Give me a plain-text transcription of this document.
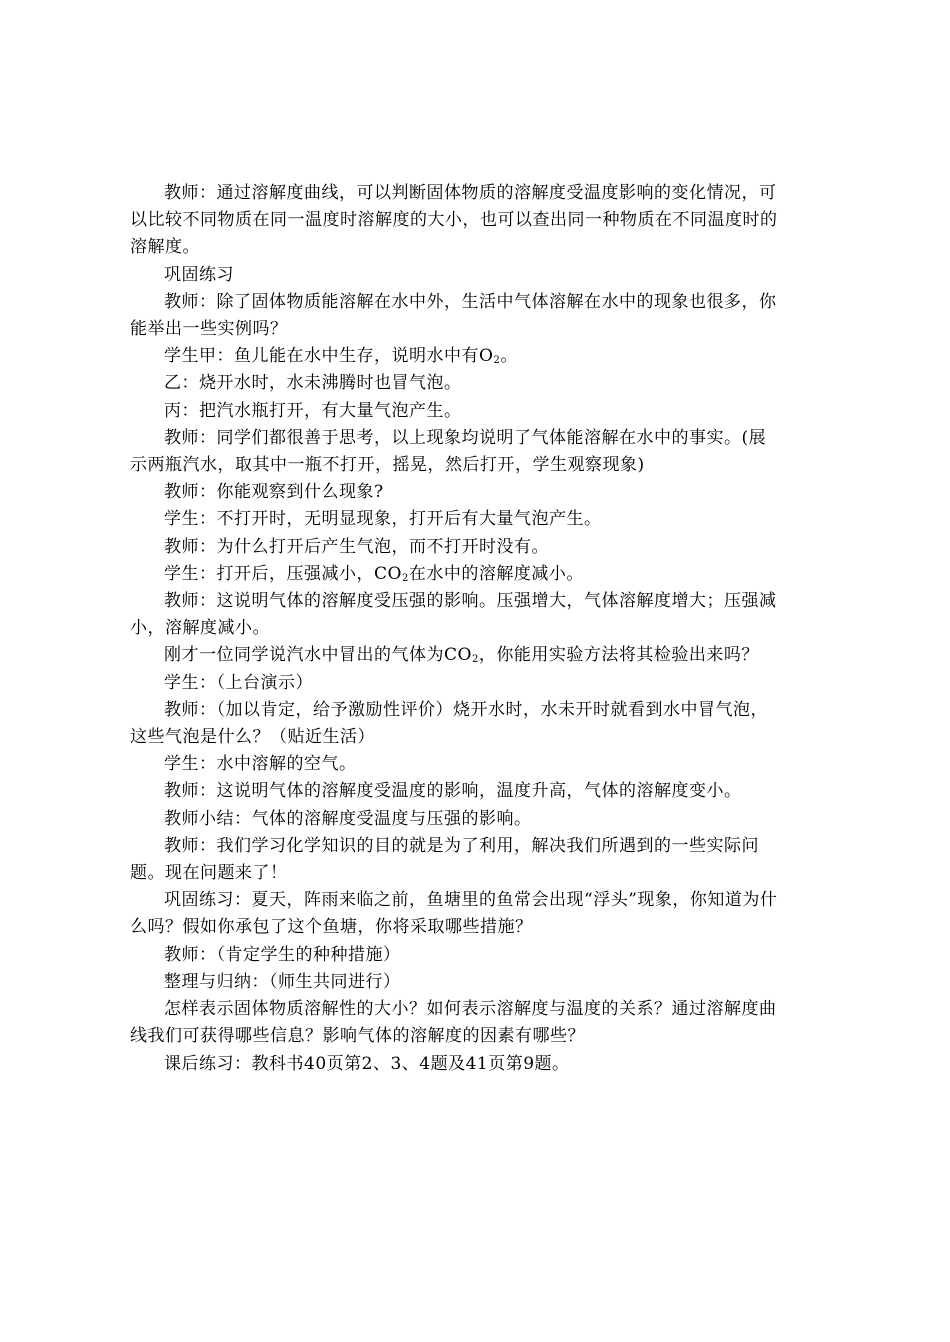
教师：通过溶解度曲线，可以判断固体物质的溶解度受温度影响的变化情况，可以比较不同物质在同一温度时溶解度的大小，也可以查出同一种物质在不同温度时的溶解度。

巩固练习

教师：除了固体物质能溶解在水中外，生活中气体溶解在水中的现象也很多，你能举出一些实例吗？

学生甲：鱼儿能在水中生存，说明水中有$O_2$。

乙：烧开水时，水未沸腾时也冒气泡。

丙：把汽水瓶打开，有大量气泡产生。

教师：同学们都很善于思考，以上现象均说明了气体能溶解在水中的事实。(展示两瓶汽水，取其中一瓶不打开，摇晃，然后打开，学生观察现象)

教师：你能观察到什么现象?

学生：不打开时，无明显现象，打开后有大量气泡产生。

教师：为什么打开后产生气泡，而不打开时没有。

学生：打开后，压强减小，$CO_2$在水中的溶解度减小。

教师：这说明气体的溶解度受压强的影响。压强增大，气体溶解度增大；压强减小，溶解度减小。

刚才一位同学说汽水中冒出的气体为$CO_2$，你能用实验方法将其检验出来吗？

学生：（上台演示）

教师：（加以肯定，给予激励性评价）烧开水时，水未开时就看到水中冒气泡，这些气泡是什么？（贴近生活）

学生：水中溶解的空气。

教师：这说明气体的溶解度受温度的影响，温度升高，气体的溶解度变小。

教师小结：气体的溶解度受温度与压强的影响。

教师：我们学习化学知识的目的就是为了利用，解决我们所遇到的一些实际问题。现在问题来了！

巩固练习：夏天，阵雨来临之前，鱼塘里的鱼常会出现“浮头”现象，你知道为什么吗？假如你承包了这个鱼塘，你将采取哪些措施？

教师：（肯定学生的种种措施）

整理与归纳：（师生共同进行）

怎样表示固体物质溶解性的大小？如何表示溶解度与温度的关系？通过溶解度曲线我们可获得哪些信息？影响气体的溶解度的因素有哪些？

课后练习：教科书40页第2、3、4题及41页第9题。
